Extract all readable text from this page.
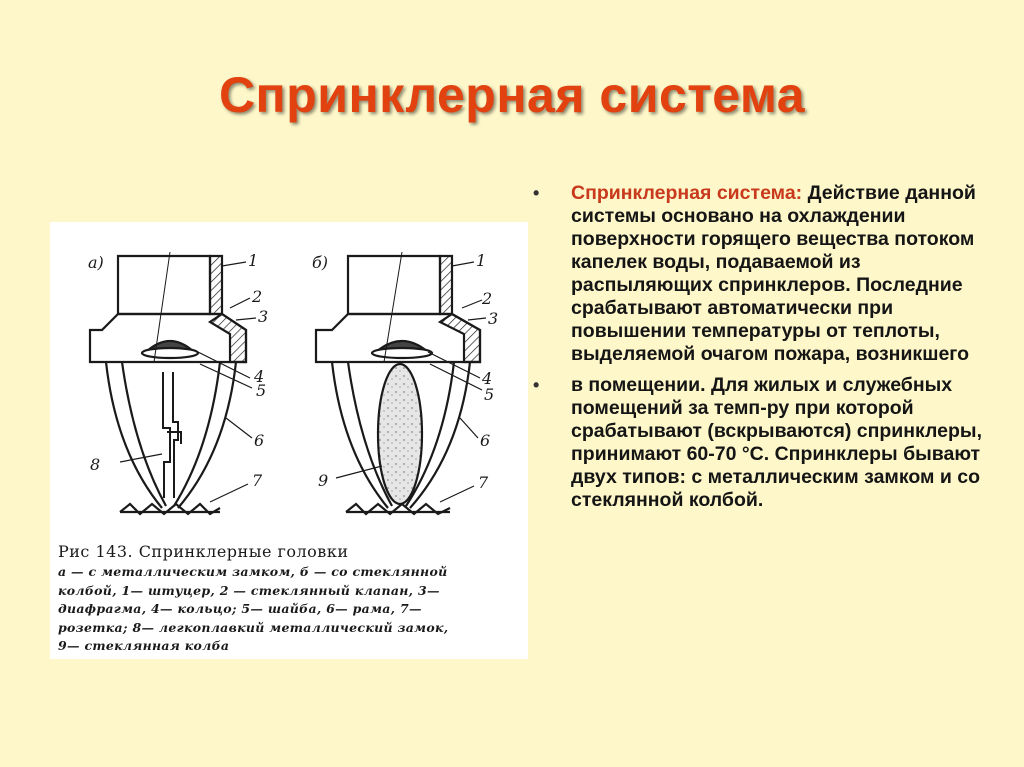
Спринклерная система
а)	1
2
3
4
5
6
7
8
б)	1
2
3
4
5
6
7
9
Рис 143. Спринклерные головки
а — с металлическим замком, б — со стеклянной
колбой, 1— штуцер, 2 — стеклянный клапан, 3—
диафрагма, 4— кольцо; 5— шайба, 6— рама, 7—
розетка; 8— легкоплавкий металлический замок,
9— стеклянная колба
• Спринклерная система: Действие данной системы основано на охлаждении поверхности горящего вещества потоком капелек воды, подаваемой из распыляющих спринклеров. Последние срабатывают автоматически при повышении температуры от теплоты, выделяемой очагом пожара, возникшего
• в помещении. Для жилых и служебных помещений за темп-ру при которой срабатывают (вскрываются) спринклеры, принимают 60-70 °С. Спринклеры бывают двух типов: с металлическим замком и со стеклянной колбой.
